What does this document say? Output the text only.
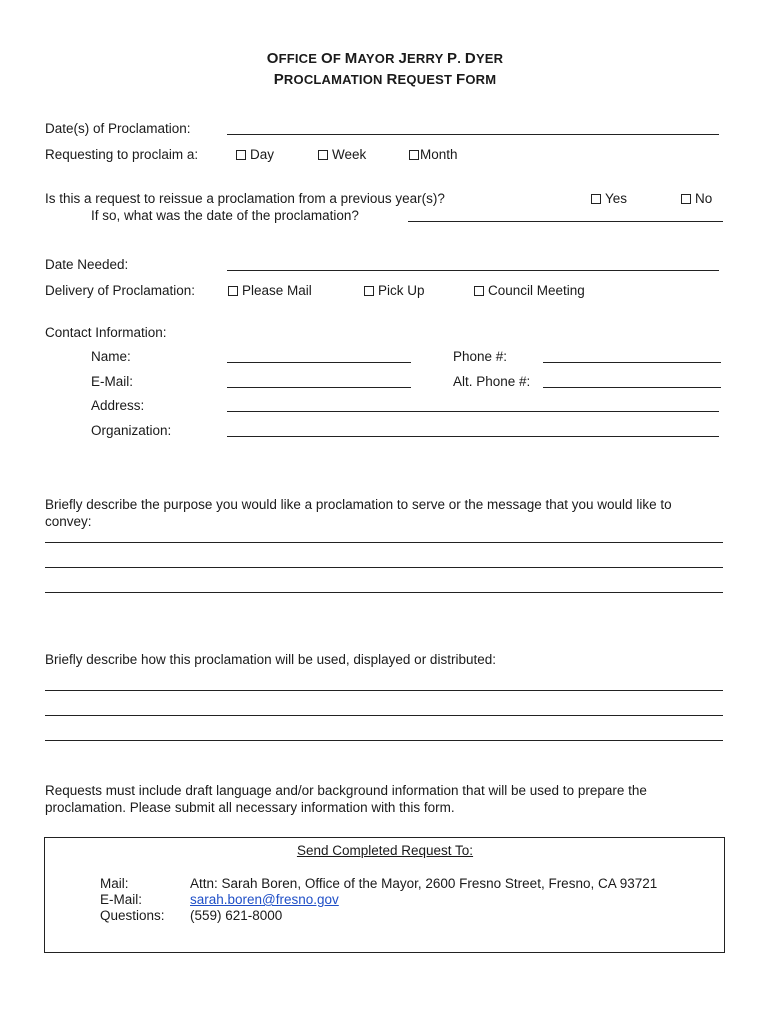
OFFICE OF MAYOR JERRY P. DYER
PROCLAMATION REQUEST FORM
Date(s) of Proclamation:
Requesting to proclaim a:	Day	Week	Month
Is this a request to reissue a proclamation from a previous year(s)?	Yes	No
If so, what was the date of the proclamation?
Date Needed:
Delivery of Proclamation:	Please Mail	Pick Up	Council Meeting
Contact Information:
Name:	Phone #:
E-Mail:	Alt. Phone #:
Address:
Organization:
Briefly describe the purpose you would like a proclamation to serve or the message that you would like to convey:
Briefly describe how this proclamation will be used, displayed or distributed:
Requests must include draft language and/or background information that will be used to prepare the proclamation. Please submit all necessary information with this form.
Send Completed Request To:
Mail:	Attn: Sarah Boren, Office of the Mayor, 2600 Fresno Street, Fresno, CA 93721
E-Mail:	sarah.boren@fresno.gov
Questions: (559) 621-8000
